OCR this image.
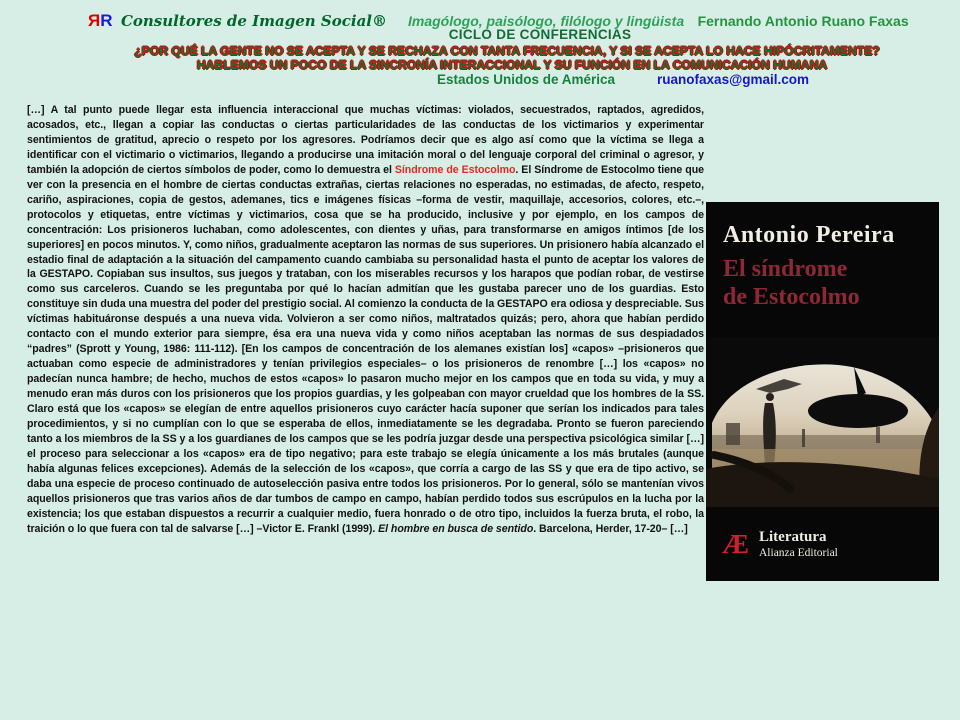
ЯR Consultores de Imagen Social® Imagólogo, paisólogo, filólogo y lingüista Fernando Antonio Ruano Faxas
CICLO DE CONFERENCIAS
¿POR QUÉ LA GENTE NO SE ACEPTA Y SE RECHAZA CON TANTA FRECUENCIA, Y SI SE ACEPTA LO HACE HIPÓCRITAMENTE?
HABLEMOS UN POCO DE LA SINCRONÍA INTERACCIONAL Y SU FUNCIÓN EN LA COMUNICACIÓN HUMANA
Estados Unidos de América	ruanofaxas@gmail.com
[…] A tal punto puede llegar esta influencia interaccional que muchas víctimas: violados, secuestrados, raptados, agredidos, acosados, etc., llegan a copiar las conductas o ciertas particularidades de las conductas de los victimarios y experimentar sentimientos de gratitud, aprecio o respeto por los agresores. Podríamos decir que es algo así como que la víctima se llega a identificar con el victimario o victimarios, llegando a producirse una imitación moral o del lenguaje corporal del criminal o agresor, y también la adopción de ciertos símbolos de poder, como lo demuestra el Síndrome de Estocolmo. El Síndrome de Estocolmo tiene que ver con la presencia en el hombre de ciertas conductas extrañas, ciertas relaciones no esperadas, no estimadas, de afecto, respeto, cariño, aspiraciones, copia de gestos, ademanes, tics e imágenes físicas –forma de vestir, maquillaje, accesorios, colores, etc.–, protocolos y etiquetas, entre víctimas y victimarios, cosa que se ha producido, inclusive y por ejemplo, en los campos de concentración: Los prisioneros luchaban, como adolescentes, con dientes y uñas, para transformarse en amigos íntimos [de los superiores] en pocos minutos. Y, como niños, gradualmente aceptaron las normas de sus superiores. Un prisionero había alcanzado el estadio final de adaptación a la situación del campamento cuando cambiaba su personalidad hasta el punto de aceptar los valores de la GESTAPO. Copiaban sus insultos, sus juegos y trataban, con los miserables recursos y los harapos que podían robar, de vestirse como sus carceleros. Cuando se les preguntaba por qué lo hacían admitían que les gustaba parecer uno de los guardias. Esto constituye sin duda una muestra del poder del prestigio social. Al comienzo la conducta de la GESTAPO era odiosa y despreciable. Sus víctimas habituáronse después a una nueva vida. Volvieron a ser como niños, maltratados quizás; pero, ahora que habían perdido contacto con el mundo exterior para siempre, ésa era una nueva vida y como niños aceptaban las normas de sus despiadados “padres” (Sprott y Young, 1986: 111-112). [En los campos de concentración de los alemanes existían los] «capos» –prisioneros que actuaban como especie de administradores y tenían privilegios especiales– o los prisioneros de renombre […] los «capos» no padecían nunca hambre; de hecho, muchos de estos «capos» lo pasaron mucho mejor en los campos que en toda su vida, y muy a menudo eran más duros con los prisioneros que los propios guardias, y les golpeaban con mayor crueldad que los hombres de la SS. Claro está que los «capos» se elegían de entre aquellos prisioneros cuyo carácter hacía suponer que serían los indicados para tales procedimientos, y si no cumplían con lo que se esperaba de ellos, inmediatamente se les degradaba. Pronto se fueron pareciendo tanto a los miembros de la SS y a los guardianes de los campos que se les podría juzgar desde una perspectiva psicológica similar […] el proceso para seleccionar a los «capos» era de tipo negativo; para este trabajo se elegía únicamente a los más brutales (aunque había algunas felices excepciones). Además de la selección de los «capos», que corría a cargo de las SS y que era de tipo activo, se daba una especie de proceso continuado de autoselección pasiva entre todos los prisioneros. Por lo general, sólo se mantenían vivos aquellos prisioneros que tras varios años de dar tumbos de campo en campo, habían perdido todos sus escrúpulos en la lucha por la existencia; los que estaban dispuestos a recurrir a cualquier medio, fuera honrado o de otro tipo, incluidos la fuerza bruta, el robo, la traición o lo que fuera con tal de salvarse […] –Victor E. Frankl (1999). El hombre en busca de sentido. Barcelona, Herder, 17-20– […]
Antonio Pereira
El síndrome
de Estocolmo
Æ Literatura
Alianza Editorial
